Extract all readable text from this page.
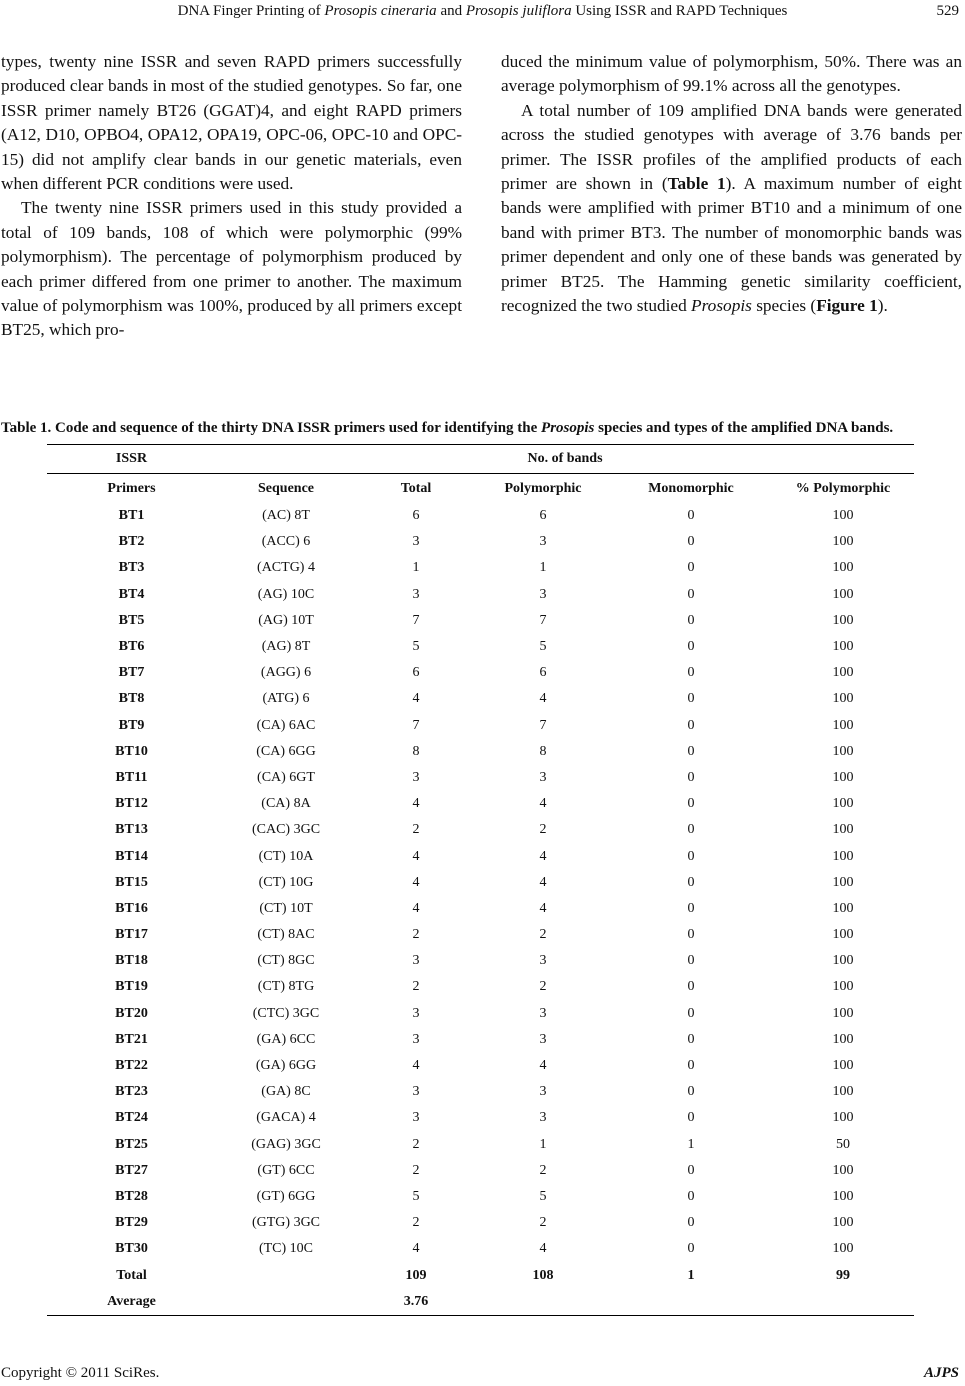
DNA Finger Printing of Prosopis cineraria and Prosopis juliflora Using ISSR and RAPD Techniques	529

types, twenty nine ISSR and seven RAPD primers successfully produced clear bands in most of the studied genotypes. So far, one ISSR primer namely BT26 (GGAT)4, and eight RAPD primers (A12, D10, OPBO4, OPA12, OPA19, OPC-06, OPC-10 and OPC-15) did not amplify clear bands in our genetic materials, even when different PCR conditions were used.

The twenty nine ISSR primers used in this study provided a total of 109 bands, 108 of which were polymorphic (99% polymorphism). The percentage of polymorphism produced by each primer differed from one primer to another. The maximum value of polymorphism was 100%, produced by all primers except BT25, which pro-

duced the minimum value of polymorphism, 50%. There was an average polymorphism of 99.1% across all the genotypes.

A total number of 109 amplified DNA bands were generated across the studied genotypes with average of 3.76 bands per primer. The ISSR profiles of the amplified products of each primer are shown in (Table 1). A maximum number of eight bands were amplified with primer BT10 and a minimum of one band with primer BT3. The number of monomorphic bands was primer dependent and only one of these bands was generated by primer BT25. The Hamming genetic similarity coefficient, recognized the two studied Prosopis species (Figure 1).

Table 1. Code and sequence of the thirty DNA ISSR primers used for identifying the Prosopis species and types of the amplified DNA bands.
ISSR	No. of bands				
Primers	Sequence	Total	Polymorphic	Monomorphic	% Polymorphic
BT1	(AC) 8T	6	6	0	100
BT2	(ACC) 6	3	3	0	100
BT3	(ACTG) 4	1	1	0	100
BT4	(AG) 10C	3	3	0	100
BT5	(AG) 10T	7	7	0	100
BT6	(AG) 8T	5	5	0	100
BT7	(AGG) 6	6	6	0	100
BT8	(ATG) 6	4	4	0	100
BT9	(CA) 6AC	7	7	0	100
BT10	(CA) 6GG	8	8	0	100
BT11	(CA) 6GT	3	3	0	100
BT12	(CA) 8A	4	4	0	100
BT13	(CAC) 3GC	2	2	0	100
BT14	(CT) 10A	4	4	0	100
BT15	(CT) 10G	4	4	0	100
BT16	(CT) 10T	4	4	0	100
BT17	(CT) 8AC	2	2	0	100
BT18	(CT) 8GC	3	3	0	100
BT19	(CT) 8TG	2	2	0	100
BT20	(CTC) 3GC	3	3	0	100
BT21	(GA) 6CC	3	3	0	100
BT22	(GA) 6GG	4	4	0	100
BT23	(GA) 8C	3	3	0	100
BT24	(GACA) 4	3	3	0	100
BT25	(GAG) 3GC	2	1	1	50
BT27	(GT) 6CC	2	2	0	100
BT28	(GT) 6GG	5	5	0	100
BT29	(GTG) 3GC	2	2	0	100
BT30	(TC) 10C	4	4	0	100
Total		109	108	1	99
Average		3.76			
Copyright © 2011 SciRes.	AJPS
